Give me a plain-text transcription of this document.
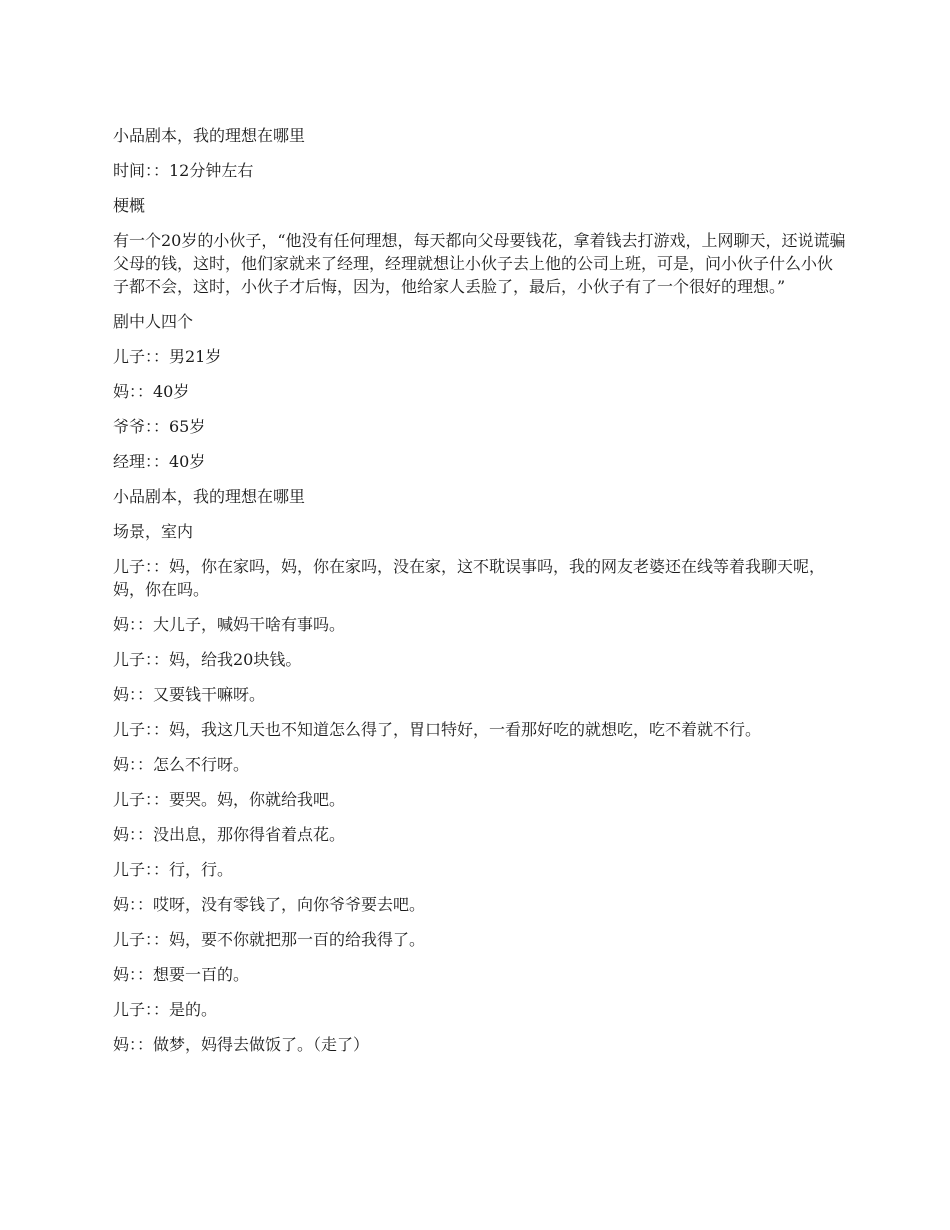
小品剧本，我的理想在哪里

时间：：12分钟左右

梗概

有一个20岁的小伙子，“他没有任何理想，每天都向父母要钱花，拿着钱去打游戏，上网聊天，还说谎骗父母的钱，这时，他们家就来了经理，经理就想让小伙子去上他的公司上班，可是，问小伙子什么小伙子都不会，这时，小伙子才后悔，因为，他给家人丢脸了，最后，小伙子有了一个很好的理想。”

剧中人四个

儿子：：男21岁

妈：：40岁

爷爷：：65岁

经理：：40岁

小品剧本，我的理想在哪里

场景，室内

儿子：：妈，你在家吗，妈，你在家吗，没在家，这不耽误事吗，我的网友老婆还在线等着我聊天呢，妈，你在吗。

妈：：大儿子，喊妈干啥有事吗。

儿子：：妈，给我20块钱。

妈：：又要钱干嘛呀。

儿子：：妈，我这几天也不知道怎么得了，胃口特好，一看那好吃的就想吃，吃不着就不行。

妈：：怎么不行呀。

儿子：：要哭。妈，你就给我吧。

妈：：没出息，那你得省着点花。

儿子：：行，行。

妈：：哎呀，没有零钱了，向你爷爷要去吧。

儿子：：妈，要不你就把那一百的给我得了。

妈：：想要一百的。

儿子：：是的。

妈：：做梦，妈得去做饭了。（走了）
